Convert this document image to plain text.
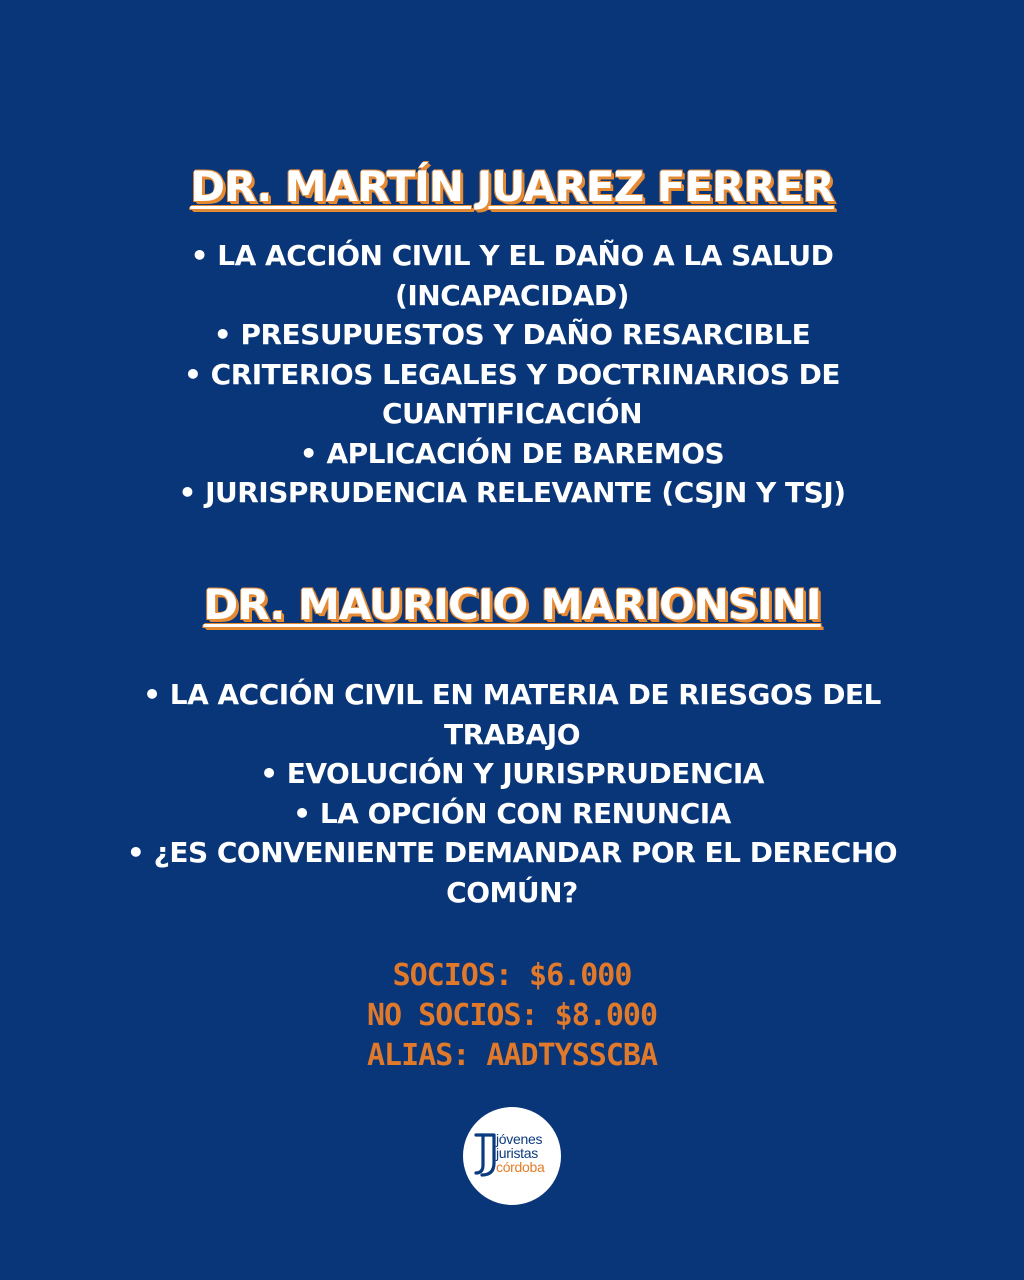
DR. MARTÍN JUAREZ FERRER
• LA ACCIÓN CIVIL Y EL DAÑO A LA SALUD (INCAPACIDAD)
• PRESUPUESTOS Y DAÑO RESARCIBLE
• CRITERIOS LEGALES Y DOCTRINARIOS DE CUANTIFICACIÓN
• APLICACIÓN DE BAREMOS
• JURISPRUDENCIA RELEVANTE (CSJN Y TSJ)
DR. MAURICIO MARIONSINI
• LA ACCIÓN CIVIL EN MATERIA DE RIESGOS DEL TRABAJO
• EVOLUCIÓN Y JURISPRUDENCIA
• LA OPCIÓN CON RENUNCIA
• ¿ES CONVENIENTE DEMANDAR POR EL DERECHO COMÚN?
SOCIOS: $6.000
NO SOCIOS: $8.000
ALIAS: AADTYSSCBA
jóvenes
juristas
córdoba
